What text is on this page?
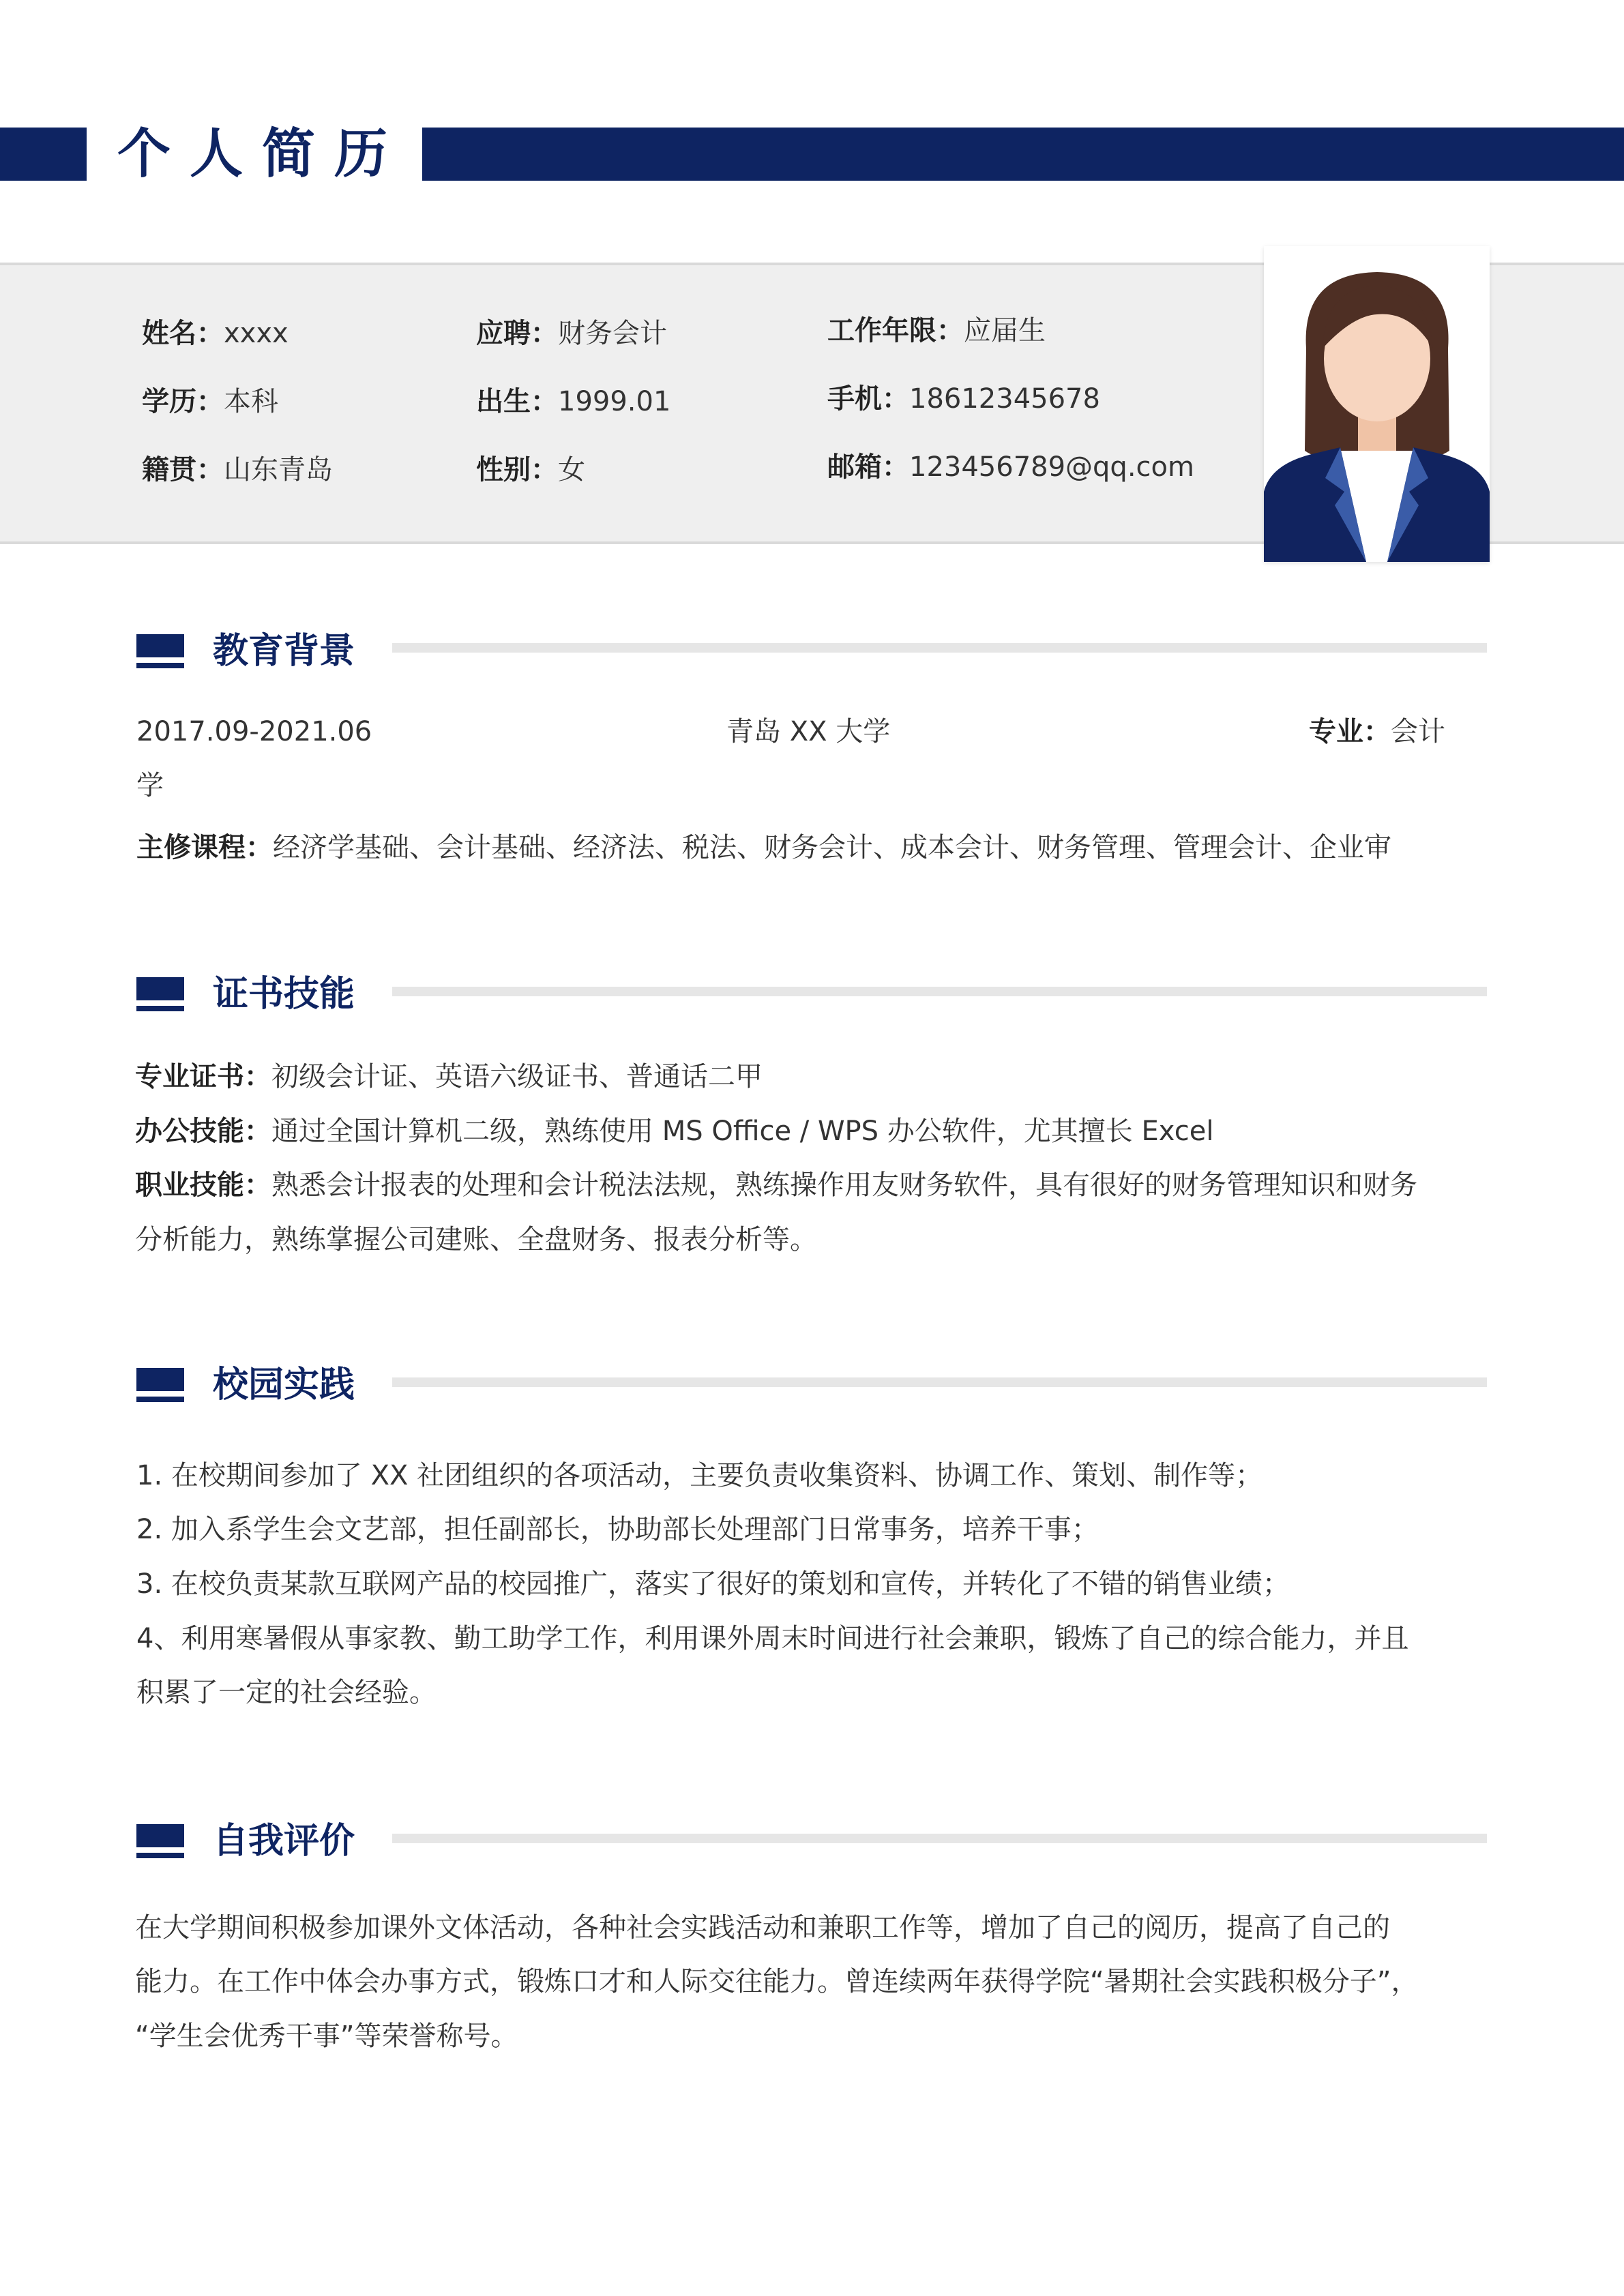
个人简历
姓名：xxxx	应聘：财务会计	工作年限：应届生
学历：本科	出生：1999.01	手机：18612345678
籍贯：山东青岛	性别：女	邮箱：123456789@qq.com
教育背景
2017.09-2021.06	青岛 XX 大学	专业：会计
学
主修课程：经济学基础、会计基础、经济法、税法、财务会计、成本会计、财务管理、管理会计、企业审
证书技能
专业证书：初级会计证、英语六级证书、普通话二甲
办公技能：通过全国计算机二级，熟练使用 MS Office / WPS 办公软件，尤其擅长 Excel
职业技能：熟悉会计报表的处理和会计税法法规，熟练操作用友财务软件，具有很好的财务管理知识和财务
分析能力，熟练掌握公司建账、全盘财务、报表分析等。
校园实践
1. 在校期间参加了 XX 社团组织的各项活动，主要负责收集资料、协调工作、策划、制作等；
2. 加入系学生会文艺部，担任副部长，协助部长处理部门日常事务，培养干事；
3. 在校负责某款互联网产品的校园推广，落实了很好的策划和宣传，并转化了不错的销售业绩；
4、利用寒暑假从事家教、勤工助学工作，利用课外周末时间进行社会兼职，锻炼了自己的综合能力，并且
积累了一定的社会经验。
自我评价
在大学期间积极参加课外文体活动，各种社会实践活动和兼职工作等，增加了自己的阅历，提高了自己的
能力。在工作中体会办事方式，锻炼口才和人际交往能力。曾连续两年获得学院“暑期社会实践积极分子”，
“学生会优秀干事”等荣誉称号。
